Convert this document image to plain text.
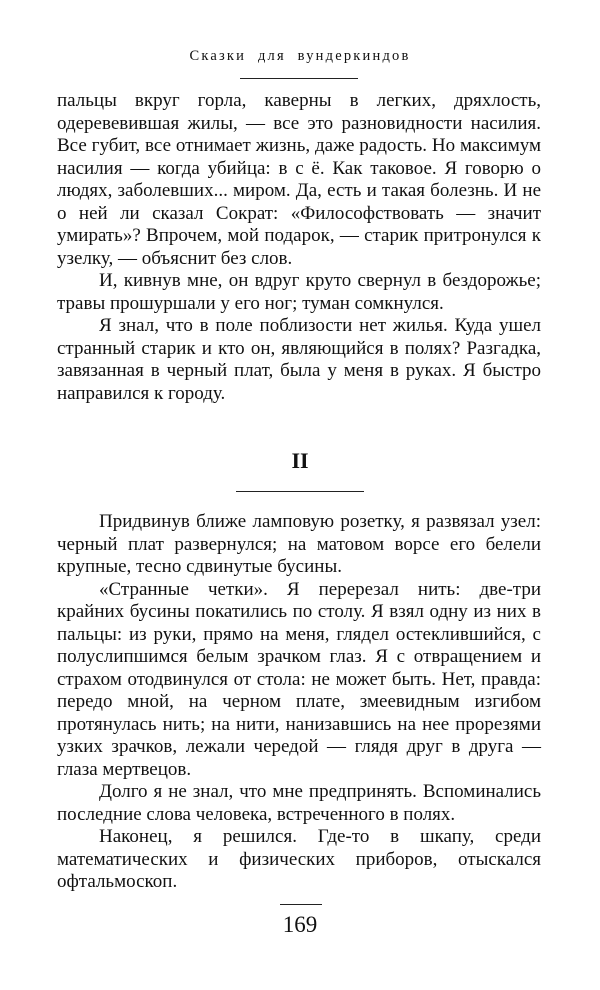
Сказки для вундеркиндов

пальцы вкруг горла, каверны в легких, дряхлость, одеревевившая жилы, — все это разновидности насилия. Все губит, все отнимает жизнь, даже радость. Но максимум насилия — когда убийца: в с ё. Как таковое. Я говорю о людях, заболевших... миром. Да, есть и такая болезнь. И не о ней ли сказал Сократ: «Философствовать — значит умирать»? Впрочем, мой подарок, — старик притронулся к узелку, — объяснит без слов.

И, кивнув мне, он вдруг круто свернул в бездорожье; травы прошуршали у его ног; туман сомкнулся.

Я знал, что в поле поблизости нет жилья. Куда ушел странный старик и кто он, являющийся в полях? Разгадка, завязанная в черный плат, была у меня в руках. Я быстро направился к городу.

II

Придвинув ближе ламповую розетку, я развязал узел: черный плат развернулся; на матовом ворсе его белели крупные, тесно сдвинутые бусины.

«Странные четки». Я перерезал нить: две-три крайних бусины покатились по столу. Я взял одну из них в пальцы: из руки, прямо на меня, глядел остеклившийся, с полуслипшимся белым зрачком глаз. Я с отвращением и страхом отодвинулся от стола: не может быть. Нет, правда: передо мной, на черном плате, змеевидным изгибом протянулась нить; на нити, нанизавшись на нее прорезями узких зрачков, лежали чередой — глядя друг в друга — глаза мертвецов.

Долго я не знал, что мне предпринять. Вспоминались последние слова человека, встреченного в полях.

Наконец, я решился. Где-то в шкапу, среди математических и физических приборов, отыскался офтальмоскоп.

169
